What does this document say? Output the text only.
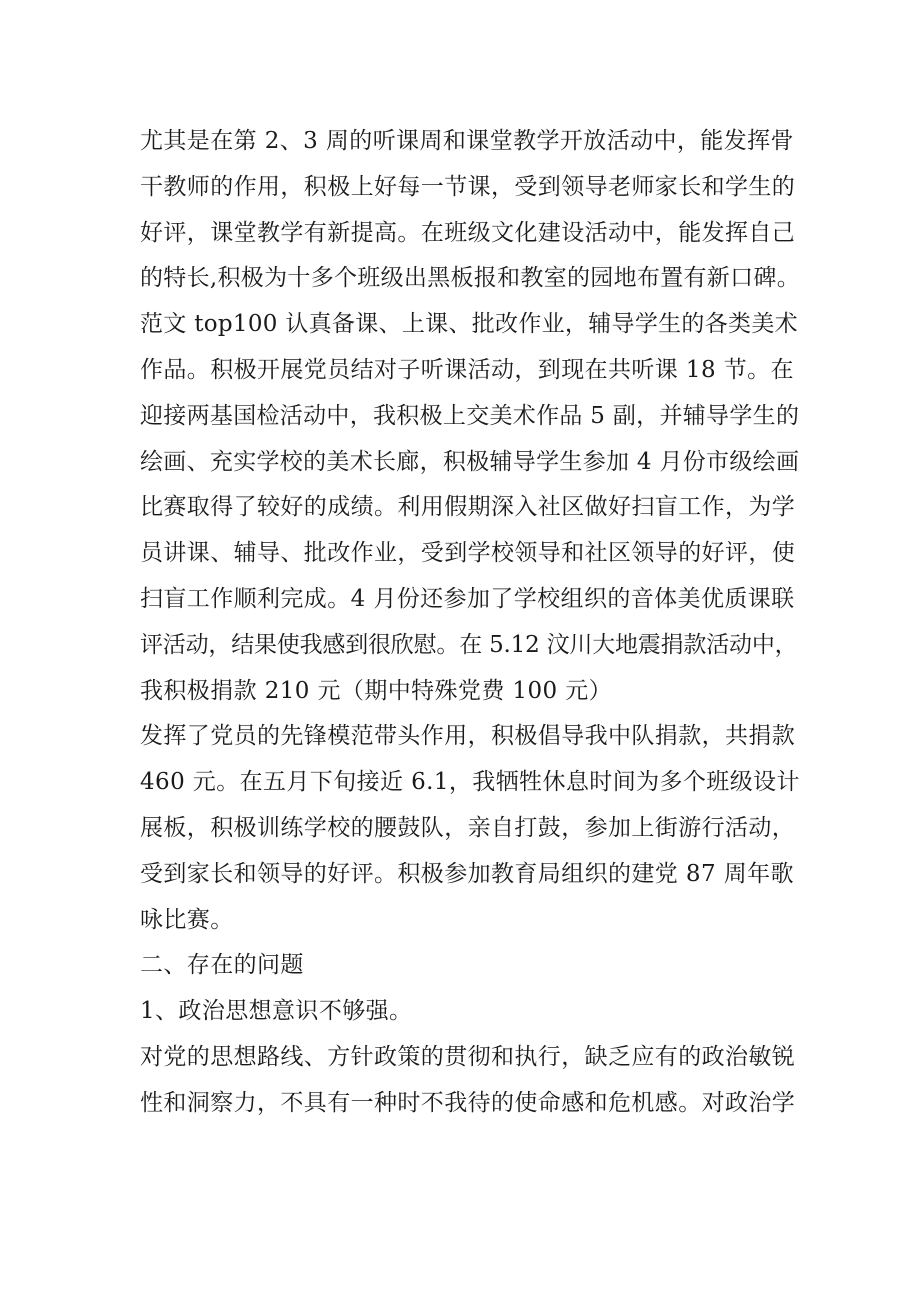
尤其是在第 2、3 周的听课周和课堂教学开放活动中，能发挥骨
干教师的作用，积极上好每一节课，受到领导老师家长和学生的
好评，课堂教学有新提高。在班级文化建设活动中，能发挥自己
的特长,积极为十多个班级出黑板报和教室的园地布置有新口碑。
范文 top100 认真备课、上课、批改作业，辅导学生的各类美术
作品。积极开展党员结对子听课活动，到现在共听课 18 节。在
迎接两基国检活动中，我积极上交美术作品 5 副，并辅导学生的
绘画、充实学校的美术长廊，积极辅导学生参加 4 月份市级绘画
比赛取得了较好的成绩。利用假期深入社区做好扫盲工作，为学
员讲课、辅导、批改作业，受到学校领导和社区领导的好评，使
扫盲工作顺利完成。4 月份还参加了学校组织的音体美优质课联
评活动，结果使我感到很欣慰。在 5.12 汶川大地震捐款活动中，
我积极捐款 210 元（期中特殊党费 100 元）
发挥了党员的先锋模范带头作用，积极倡导我中队捐款，共捐款
460 元。在五月下旬接近 6.1，我牺牲休息时间为多个班级设计
展板，积极训练学校的腰鼓队，亲自打鼓，参加上街游行活动，
受到家长和领导的好评。积极参加教育局组织的建党 87 周年歌
咏比赛。
二、存在的问题
1、政治思想意识不够强。
对党的思想路线、方针政策的贯彻和执行，缺乏应有的政治敏锐
性和洞察力，不具有一种时不我待的使命感和危机感。对政治学
